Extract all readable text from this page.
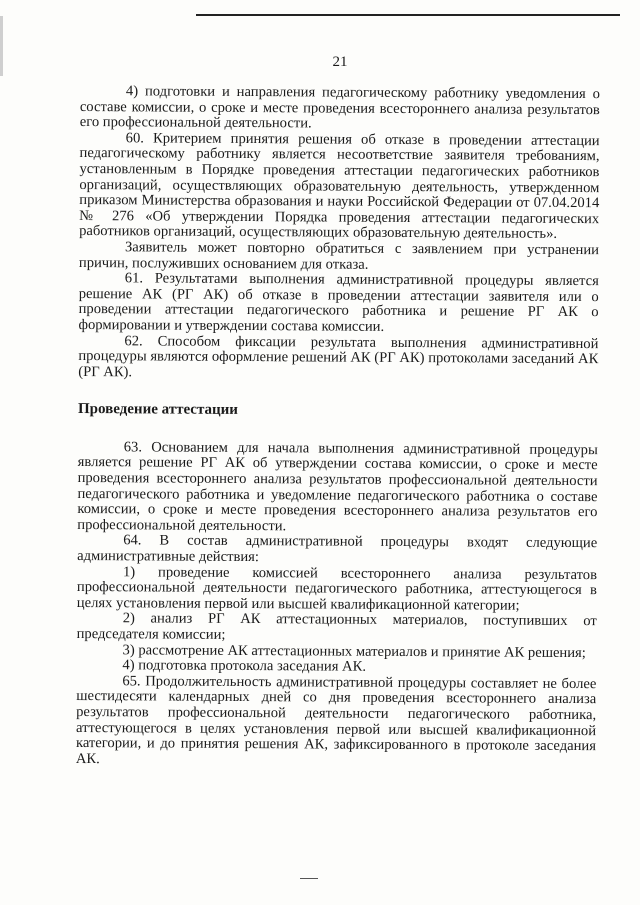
21

4) подготовки и направления педагогическому работнику уведомления о составе комиссии, о сроке и месте проведения всестороннего анализа результатов его профессиональной деятельности.

60. Критерием принятия решения об отказе в проведении аттестации педагогическому работнику является несоответствие заявителя требованиям, установленным в Порядке проведения аттестации педагогических работников организаций, осуществляющих образовательную деятельность, утвержденном приказом Министерства образования и науки Российской Федерации от 07.04.2014 № 276 «Об утверждении Порядка проведения аттестации педагогических работников организаций, осуществляющих образовательную деятельность».

Заявитель может повторно обратиться с заявлением при устранении причин, послуживших основанием для отказа.

61. Результатами выполнения административной процедуры является решение АК (РГ АК) об отказе в проведении аттестации заявителя или о проведении аттестации педагогического работника и решение РГ АК о формировании и утверждении состава комиссии.

62. Способом фиксации результата выполнения административной процедуры являются оформление решений АК (РГ АК) протоколами заседаний АК (РГ АК).

Проведение аттестации

63. Основанием для начала выполнения административной процедуры является решение РГ АК об утверждении состава комиссии, о сроке и месте проведения всестороннего анализа результатов профессиональной деятельности педагогического работника и уведомление педагогического работника о составе комиссии, о сроке и месте проведения всестороннего анализа результатов его профессиональной деятельности.

64. В состав административной процедуры входят следующие административные действия:

1) проведение комиссией всестороннего анализа результатов профессиональной деятельности педагогического работника, аттестующегося в целях установления первой или высшей квалификационной категории;

2) анализ РГ АК аттестационных материалов, поступивших от председателя комиссии;

3) рассмотрение АК аттестационных материалов и принятие АК решения;

4) подготовка протокола заседания АК.

65. Продолжительность административной процедуры составляет не более шестидесяти календарных дней со дня проведения всестороннего анализа результатов профессиональной деятельности педагогического работника, аттестующегося в целях установления первой или высшей квалификационной категории, и до принятия решения АК, зафиксированного в протоколе заседания АК.
